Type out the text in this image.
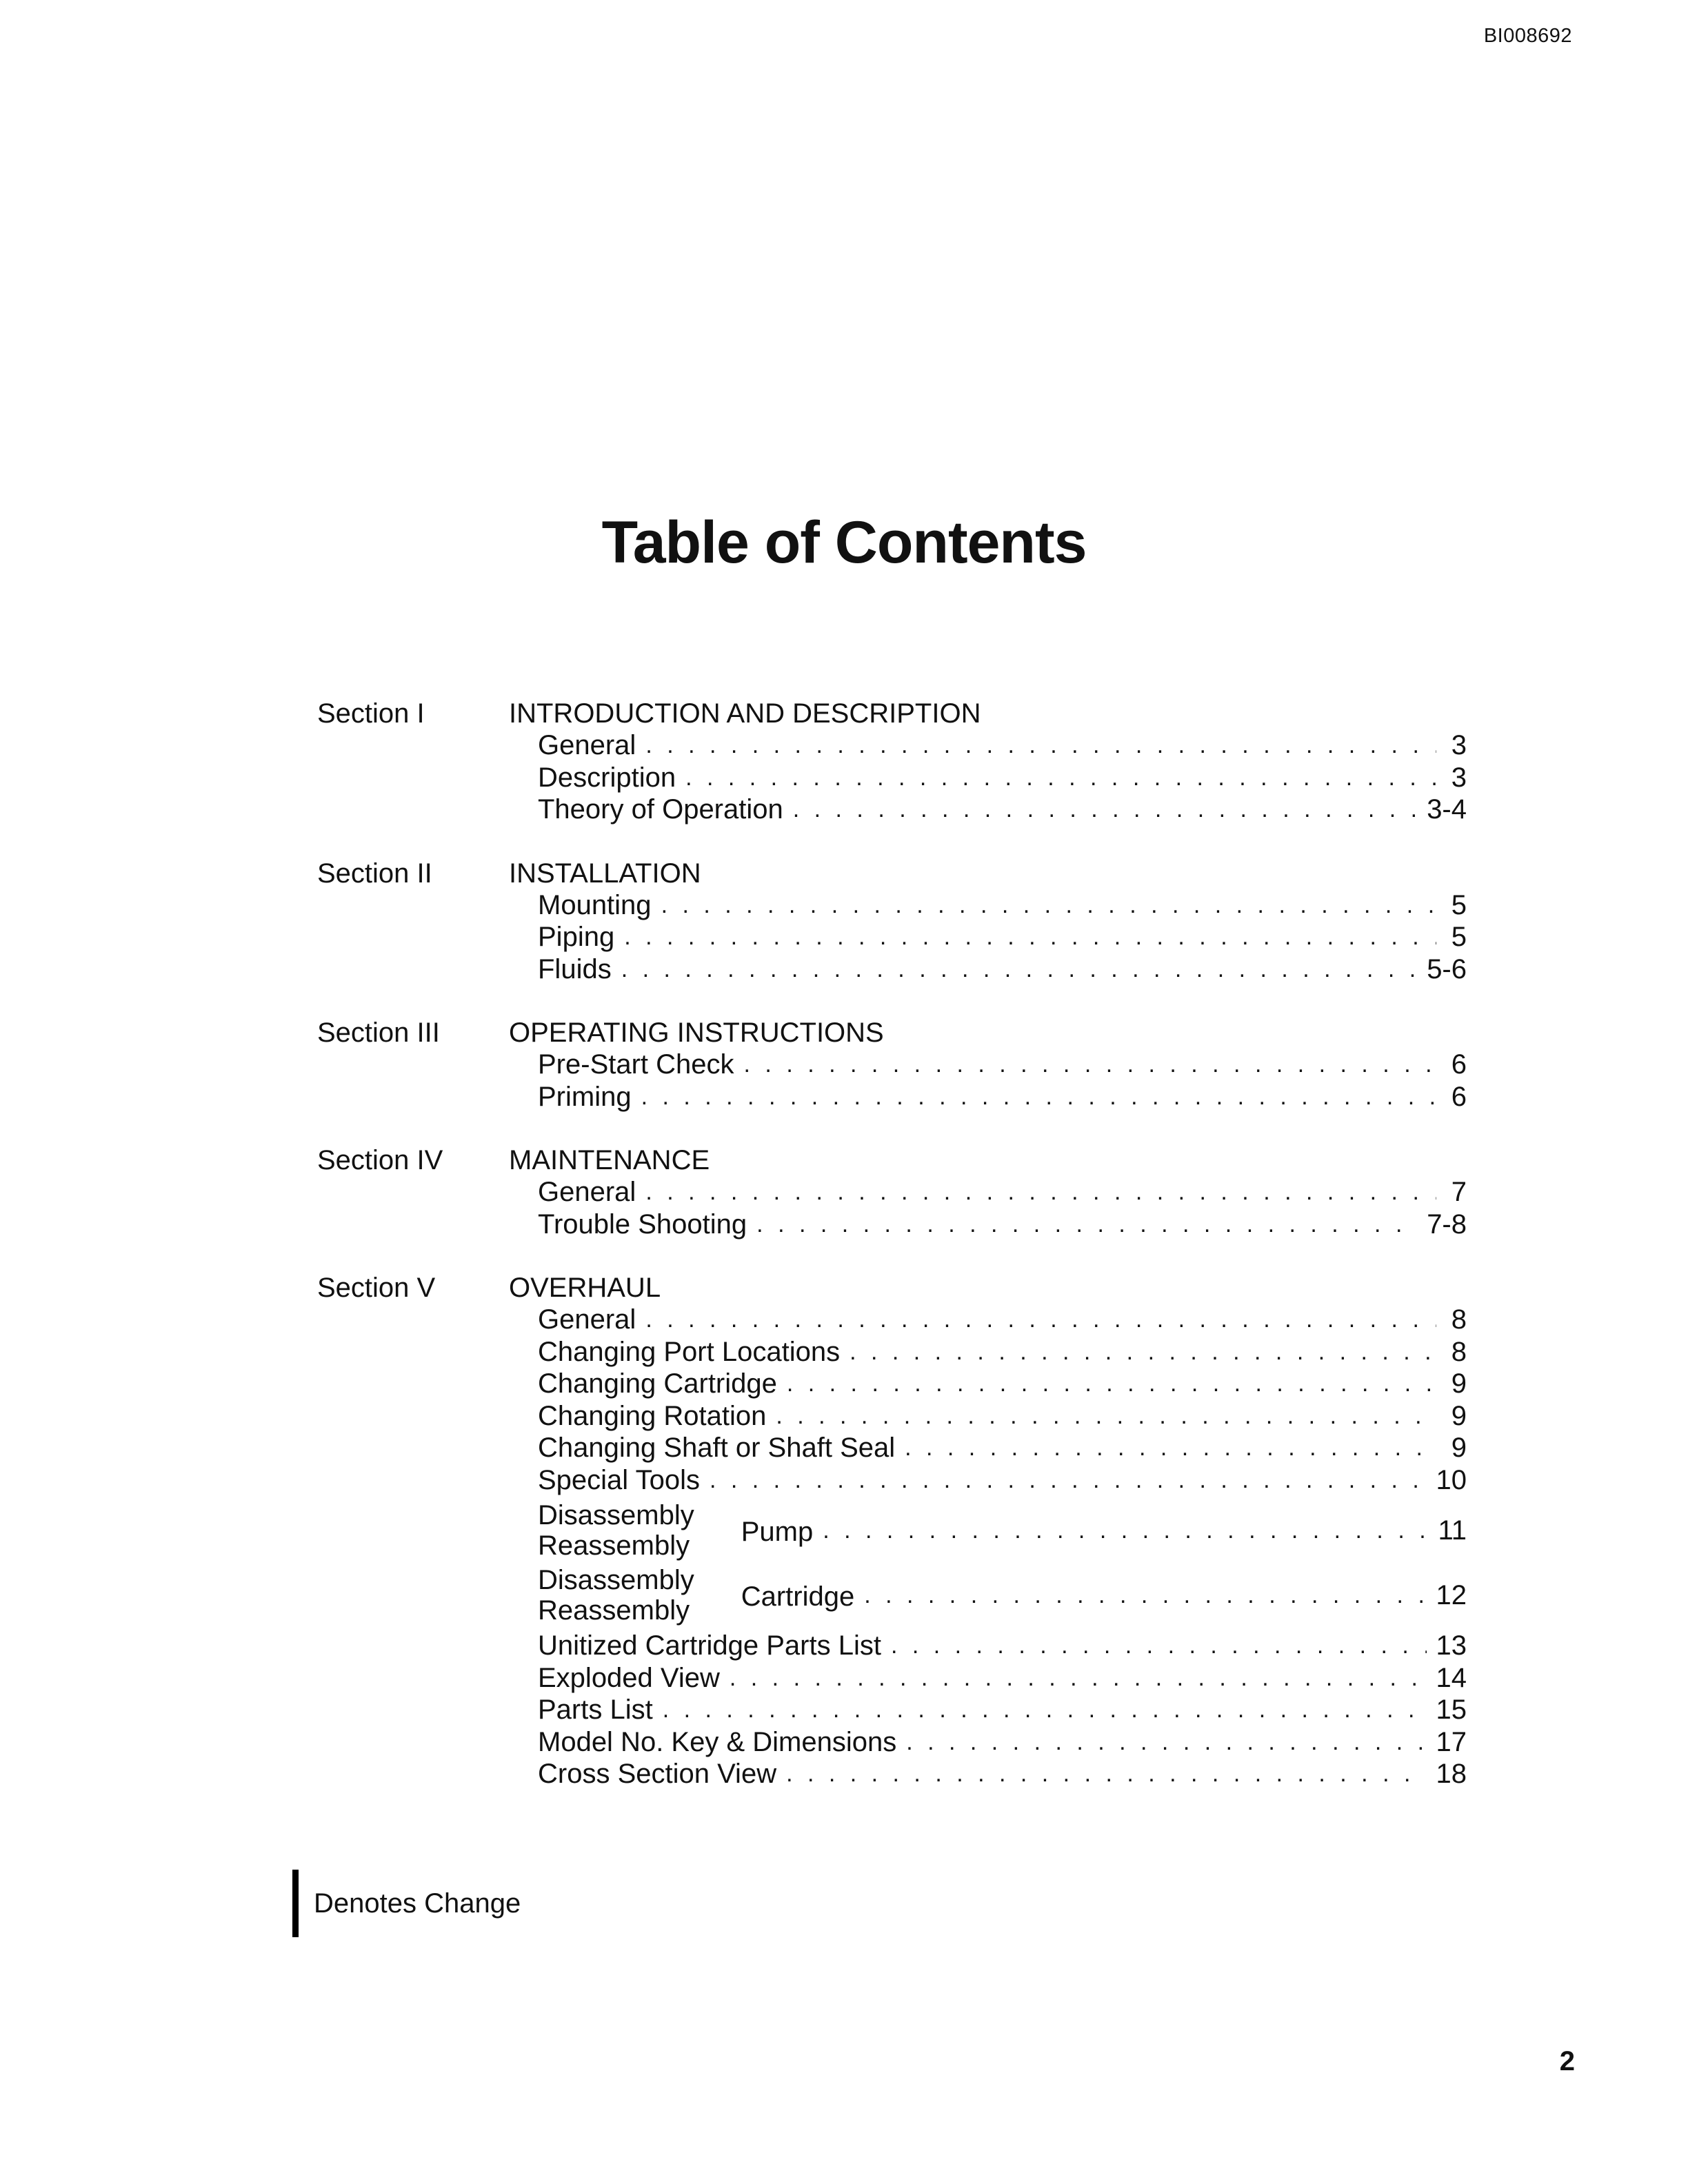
BI008692
Table of Contents
Section I	INTRODUCTION AND DESCRIPTION
General . . .	3
Description . . .	3
Theory of Operation . . .	3-4
Section II	INSTALLATION
Mounting . . .	5
Piping . . .	5
Fluids . . .	5-6
Section III	OPERATING INSTRUCTIONS
Pre-Start Check . . .	6
Priming . . .	6
Section IV MAINTENANCE
General . . .	7
Trouble Shooting . . .	7-8
Section V	OVERHAUL
General . . .	8
Changing Port Locations . . .	8
Changing Cartridge . . .	9
Changing Rotation . . .	9
Changing Shaft or Shaft Seal . . .	9
Special Tools . . .	10
Disassembly
Reassembly Pump . . .	11
Disassembly
Reassembly Cartridge . . .	12
Unitized Cartridge Parts List . . .	13
Exploded View . . .	14
Parts List . . .	15
Model No. Key & Dimensions . . .	17
Cross Section View . . .	18
Denotes Change
2
